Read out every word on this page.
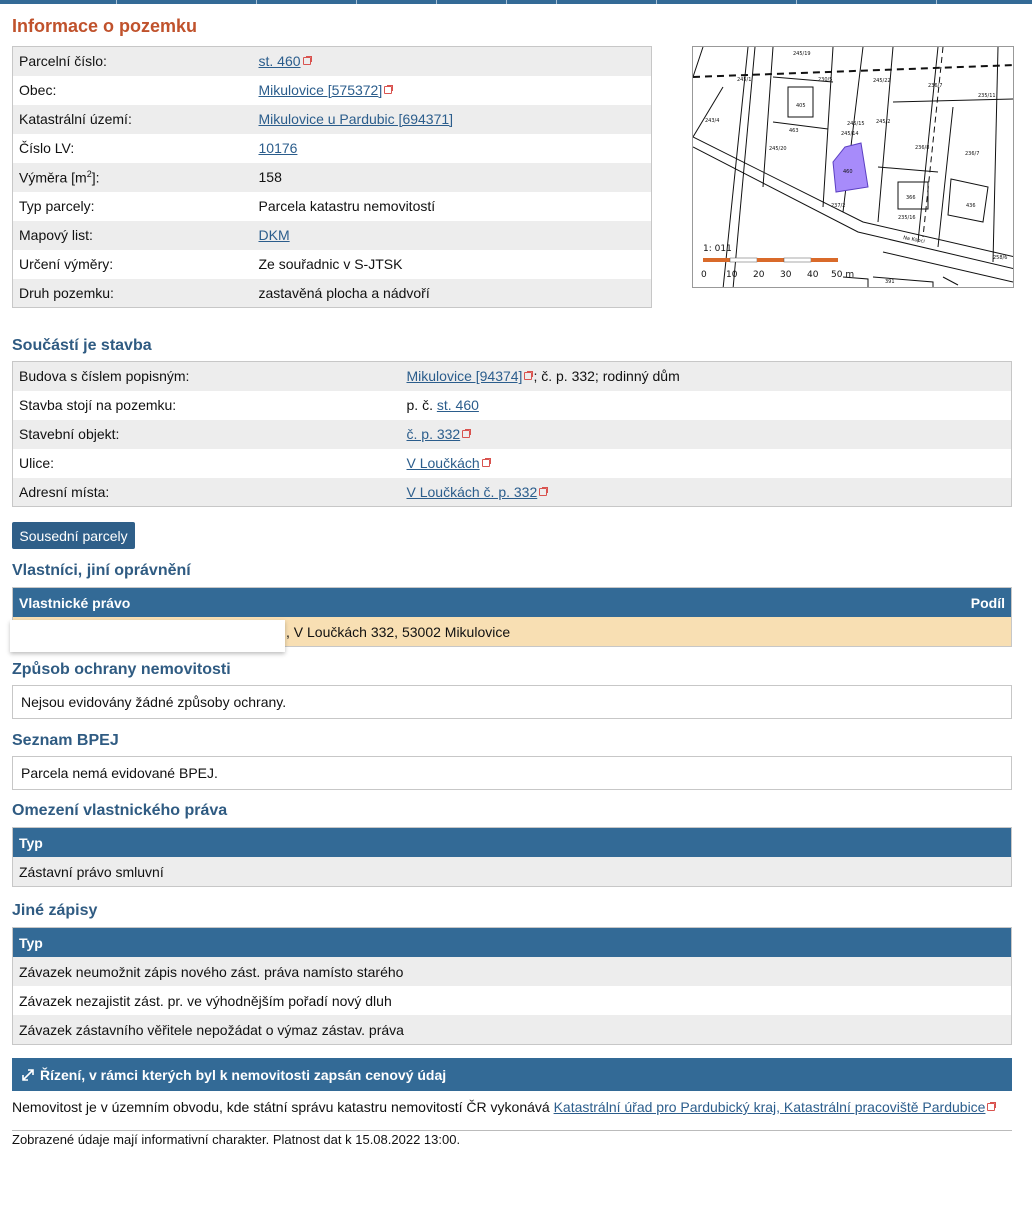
Informace o pozemku
Parcelní číslo:	st. 460
Obec:	Mikulovice [575372]
Katastrální území:	Mikulovice u Pardubic [694371]
Číslo LV:	10176
Výměra $[m^2]$:	158
Typ parcely:	Parcela katastru nemovitostí
Mapový list:	DKM
Určení výměry:	Ze souřadnic v S-JTSK
Druh pozemku:	zastavěná plocha a nádvoří
245/19
245/22
236/7
235/11
243/4	245/15
245/14
245/2
245/20	236/8
236/7
237/2
235/16
258/6
245/1	230/5
460
405
463
366
436
391
Na Kopci
1: 011
0 10 20 30 40 50 m
Součástí je stavba
Budova s číslem popisným:	Mikulovice [94374] ; č. p. 332; rodinný dům
Stavba stojí na pozemku:	p. č. st. 460
Stavební objekt:	č. p. 332
Ulice:	V Loučkách
Adresní místa:	V Loučkách č. p. 332
Sousední parcely
Vlastníci, jiní oprávnění
Vlastnické právo	Podíl
, V Loučkách 332, 53002 Mikulovice
Způsob ochrany nemovitosti
Nejsou evidovány žádné způsoby ochrany.
Seznam BPEJ
Parcela nemá evidované BPEJ.
Omezení vlastnického práva
Typ
Zástavní právo smluvní
Jiné zápisy
Typ
Závazek neumožnit zápis nového zást. práva namísto starého
Závazek nezajistit zást. pr. ve výhodnějším pořadí nový dluh
Závazek zástavního věřitele nepožádat o výmaz zástav. práva
Řízení, v rámci kterých byl k nemovitosti zapsán cenový údaj
Nemovitost je v územním obvodu, kde státní správu katastru nemovitostí ČR vykonává Katastrální úřad pro Pardubický kraj, Katastrální pracoviště Pardubice
Zobrazené údaje mají informativní charakter. Platnost dat k 15.08.2022 13:00.
